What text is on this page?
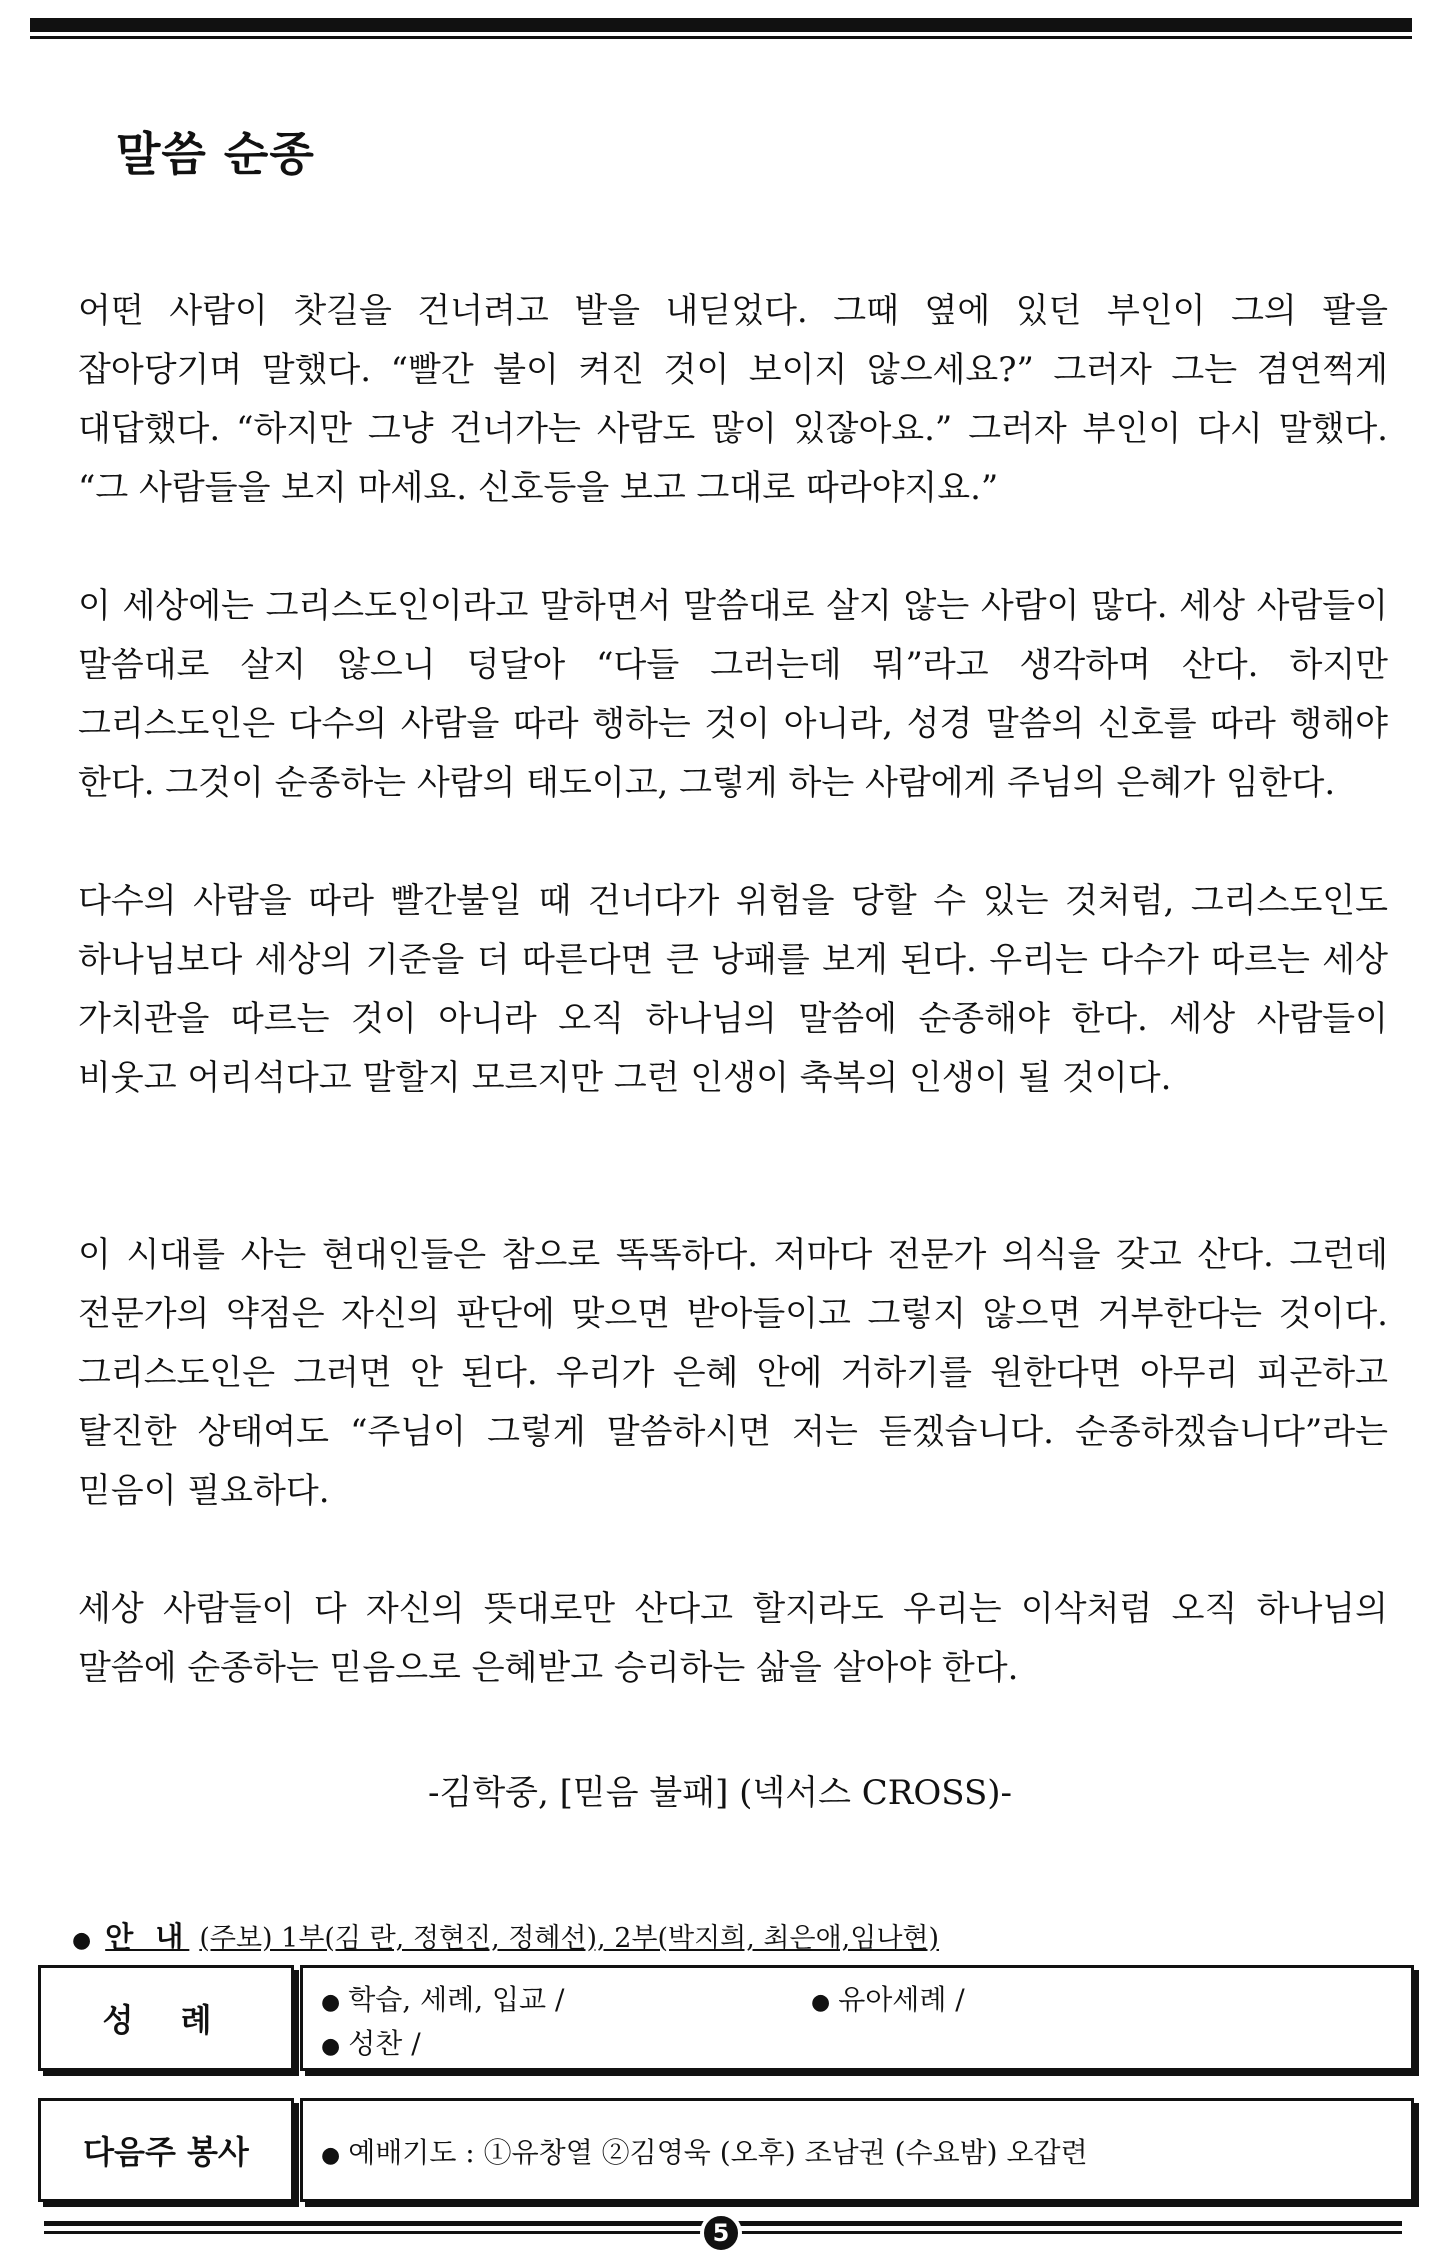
말씀 순종
어떤 사람이 찻길을 건너려고 발을 내딛었다. 그때 옆에 있던 부인이 그의 팔을 잡아당기며 말했다. “빨간 불이 켜진 것이 보이지 않으세요?” 그러자 그는 겸연쩍게 대답했다. “하지만 그냥 건너가는 사람도 많이 있잖아요.” 그러자 부인이 다시 말했다. “그 사람들을 보지 마세요. 신호등을 보고 그대로 따라야지요.”
이 세상에는 그리스도인이라고 말하면서 말씀대로 살지 않는 사람이 많다. 세상 사람들이 말씀대로 살지 않으니 덩달아 “다들 그러는데 뭐”라고 생각하며 산다. 하지만 그리스도인은 다수의 사람을 따라 행하는 것이 아니라, 성경 말씀의 신호를 따라 행해야 한다. 그것이 순종하는 사람의 태도이고, 그렇게 하는 사람에게 주님의 은혜가 임한다.
다수의 사람을 따라 빨간불일 때 건너다가 위험을 당할 수 있는 것처럼, 그리스도인도 하나님보다 세상의 기준을 더 따른다면 큰 낭패를 보게 된다. 우리는 다수가 따르는 세상 가치관을 따르는 것이 아니라 오직 하나님의 말씀에 순종해야 한다. 세상 사람들이 비웃고 어리석다고 말할지 모르지만 그런 인생이 축복의 인생이 될 것이다.
이 시대를 사는 현대인들은 참으로 똑똑하다. 저마다 전문가 의식을 갖고 산다. 그런데 전문가의 약점은 자신의 판단에 맞으면 받아들이고 그렇지 않으면 거부한다는 것이다. 그리스도인은 그러면 안 된다. 우리가 은혜 안에 거하기를 원한다면 아무리 피곤하고 탈진한 상태여도 “주님이 그렇게 말씀하시면 저는 듣겠습니다. 순종하겠습니다”라는 믿음이 필요하다.
세상 사람들이 다 자신의 뜻대로만 산다고 할지라도 우리는 이삭처럼 오직 하나님의 말씀에 순종하는 믿음으로 은혜받고 승리하는 삶을 살아야 한다.
-김학중, [믿음 불패] (넥서스 CROSS)-
● 안 내 (주보) 1부(김 란, 정현진, 정혜선), 2부(박지희, 최은애,임나현)
성 례	● 학습, 세례, 입교 /	● 유아세례 /
● 성찬 /
다음주 봉사	● 예배기도 : ①유창열 ②김영욱 (오후) 조남권 (수요밤) 오갑련
5
